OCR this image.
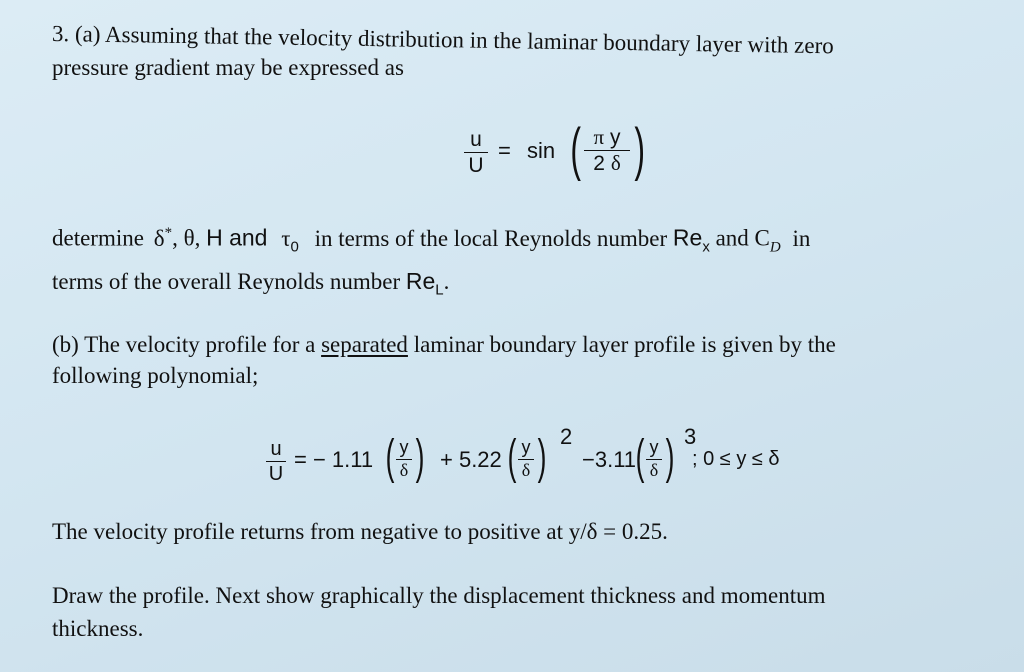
3. (a) Assuming that the velocity distribution in the laminar boundary layer with zero
pressure gradient may be expressed as
u
U
= sin ( π y
2 δ )
determine δ*, θ, H and $\tau_0$ in terms of the local Reynolds number $Re_x$ and $C_D$ in
terms of the overall Reynolds number $Re_L$.
(b) The velocity profile for a separated laminar boundary layer profile is given by the
following polynomial;
u
U
= − 1.11 ( y
δ ) + 5.22 ( y
δ ) 2
−3.11 ( y
δ ) 3
; 0 ≤ y ≤ δ
The velocity profile returns from negative to positive at y/δ = 0.25.
Draw the profile. Next show graphically the displacement thickness and momentum
thickness.
